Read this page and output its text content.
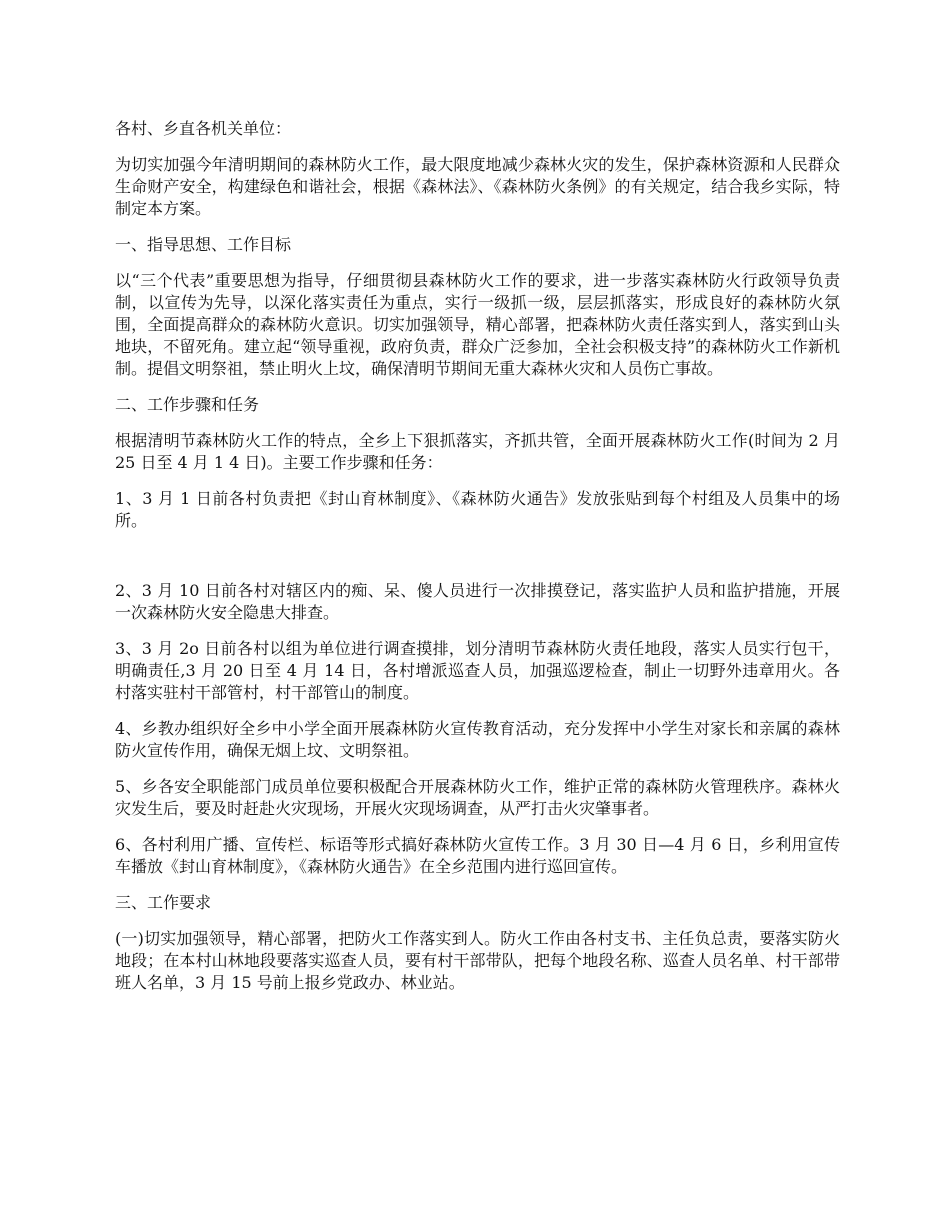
各村、乡直各机关单位：

为切实加强今年清明期间的森林防火工作，最大限度地减少森林火灾的发生，保护森林资源和人民群众生命财产安全，构建绿色和谐社会，根据《森林法》、《森林防火条例》的有关规定，结合我乡实际，特制定本方案。

一、指导思想、工作目标

以“三个代表”重要思想为指导，仔细贯彻县森林防火工作的要求，进一步落实森林防火行政领导负责制，以宣传为先导，以深化落实责任为重点，实行一级抓一级，层层抓落实，形成良好的森林防火氛围，全面提高群众的森林防火意识。切实加强领导，精心部署，把森林防火责任落实到人，落实到山头地块，不留死角。建立起“领导重视，政府负责，群众广泛参加，全社会积极支持”的森林防火工作新机制。提倡文明祭祖，禁止明火上坟，确保清明节期间无重大森林火灾和人员伤亡事故。

二、工作步骤和任务

根据清明节森林防火工作的特点，全乡上下狠抓落实，齐抓共管，全面开展森林防火工作(时间为 2 月 25 日至 4 月 1 4 日)。主要工作步骤和任务：

1、3 月 1 日前各村负责把《封山育林制度》、《森林防火通告》发放张贴到每个村组及人员集中的场所。

2、3 月 10 日前各村对辖区内的痴、呆、傻人员进行一次排摸登记，落实监护人员和监护措施，开展一次森林防火安全隐患大排查。

3、3 月 2o 日前各村以组为单位进行调查摸排，划分清明节森林防火责任地段，落实人员实行包干，明确责任,3 月 20 日至 4 月 14 日，各村增派巡查人员，加强巡逻检查，制止一切野外违章用火。各村落实驻村干部管村，村干部管山的制度。

4、乡教办组织好全乡中小学全面开展森林防火宣传教育活动，充分发挥中小学生对家长和亲属的森林防火宣传作用，确保无烟上坟、文明祭祖。

5、乡各安全职能部门成员单位要积极配合开展森林防火工作，维护正常的森林防火管理秩序。森林火灾发生后，要及时赶赴火灾现场，开展火灾现场调查，从严打击火灾肇事者。

6、各村利用广播、宣传栏、标语等形式搞好森林防火宣传工作。3 月 30 日—4 月 6 日，乡利用宣传车播放《封山育林制度》，《森林防火通告》在全乡范围内进行巡回宣传。

三、工作要求

(一)切实加强领导，精心部署，把防火工作落实到人。防火工作由各村支书、主任负总责，要落实防火地段；在本村山林地段要落实巡查人员，要有村干部带队，把每个地段名称、巡查人员名单、村干部带班人名单，3 月 15 号前上报乡党政办、林业站。
